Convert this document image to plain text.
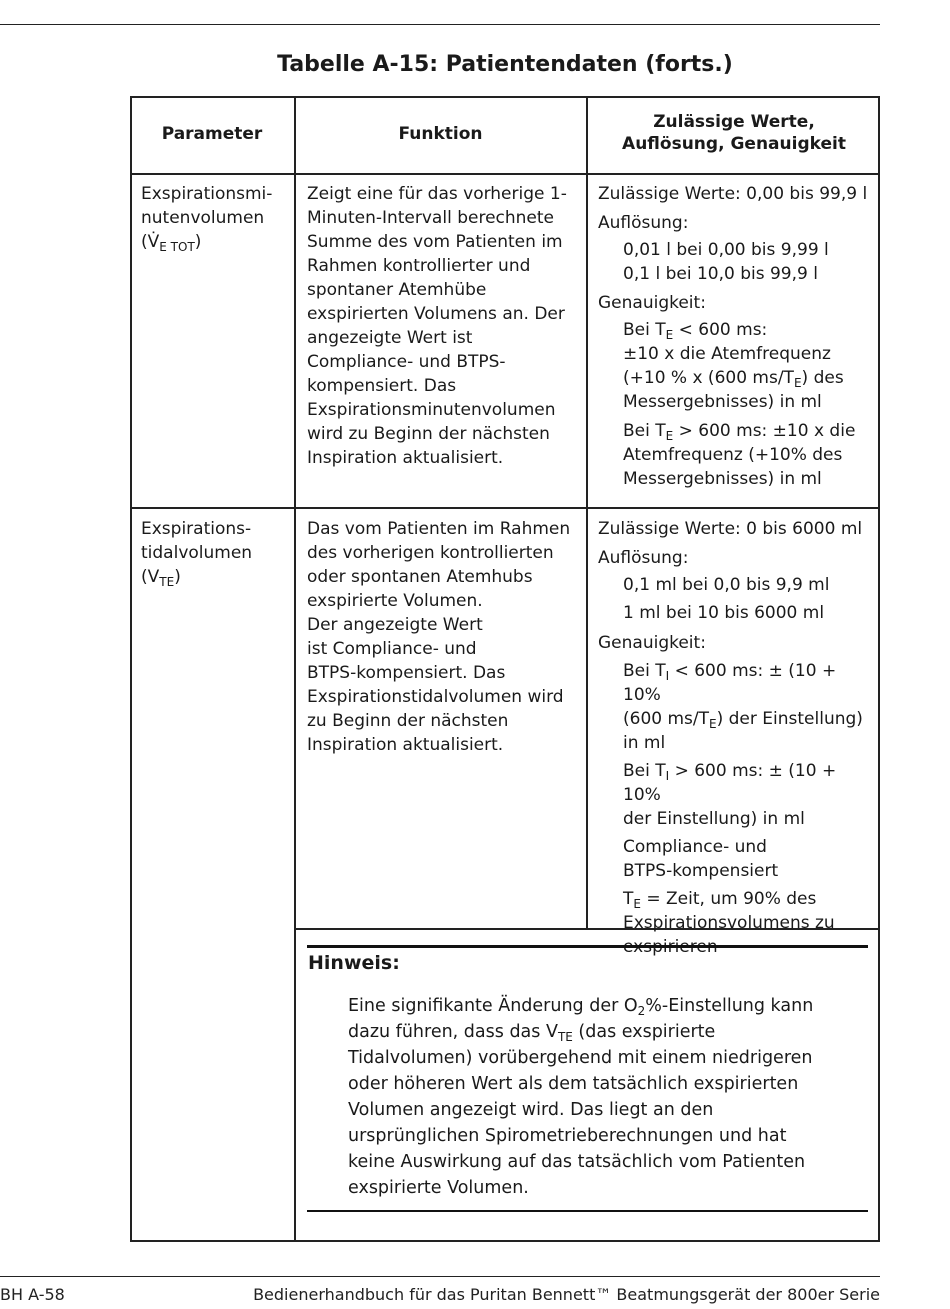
Tabelle A-15: Patientendaten (forts.)
Parameter	Funktion
Zulässige Werte, Auflösung, Genauigkeit
Exspirationsmi-
nutenvolumen
$(V̇_{E TOT})$
Zeigt eine für das vorherige 1-
Minuten-Intervall berechnete
Summe des vom Patienten im
Rahmen kontrollierter und
spontaner Atemhübe
exspirierten Volumens an. Der
angezeigte Wert ist
Compliance- und BTPS-
kompensiert. Das
Exspirationsminutenvolumen
wird zu Beginn der nächsten
Inspiration aktualisiert.
Zulässige Werte: 0,00 bis 99,9 l
Auflösung:
0,01 l bei 0,00 bis 9,99 l
0,1 l bei 10,0 bis 99,9 l
Genauigkeit:
Bei $T_E < 600$ ms:
±10 x die Atemfrequenz
(+10 % x (600 $ms/T_E$) des
Messergebnisses) in ml
Bei $T_E > 600$ ms: ±10 x die
Atemfrequenz (+10% des
Messergebnisses) in ml
Exspirations-
tidalvolumen
$(V_{TE})$
Das vom Patienten im Rahmen
des vorherigen kontrollierten
oder spontanen Atemhubs
exspirierte Volumen.
Der angezeigte Wert
ist Compliance- und
BTPS-kompensiert. Das
Exspirationstidalvolumen wird
zu Beginn der nächsten
Inspiration aktualisiert.
Zulässige Werte: 0 bis 6000 ml
Auflösung:
0,1 ml bei 0,0 bis 9,9 ml
1 ml bei 10 bis 6000 ml
Genauigkeit:
Bei $T_I < 600$ ms: ± (10 + 10%
(600 $ms/T_E$) der Einstellung)
in ml
Bei $T_I > 600$ ms: ± (10 + 10%
der Einstellung) in ml
Compliance- und
BTPS-kompensiert
$T_E$ = Zeit, um 90% des
Exspirationsvolumens zu
exspirieren
Hinweis:
Eine signifikante Änderung der $O_2\%$-Einstellung kann
dazu führen, dass das $V_{TE}$ (das exspirierte
Tidalvolumen) vorübergehend mit einem niedrigeren
oder höheren Wert als dem tatsächlich exspirierten
Volumen angezeigt wird. Das liegt an den
ursprünglichen Spirometrieberechnungen und hat
keine Auswirkung auf das tatsächlich vom Patienten
exspirierte Volumen.
BH A-58	Bedienerhandbuch für das Puritan Bennett™ Beatmungsgerät der 800er Serie
